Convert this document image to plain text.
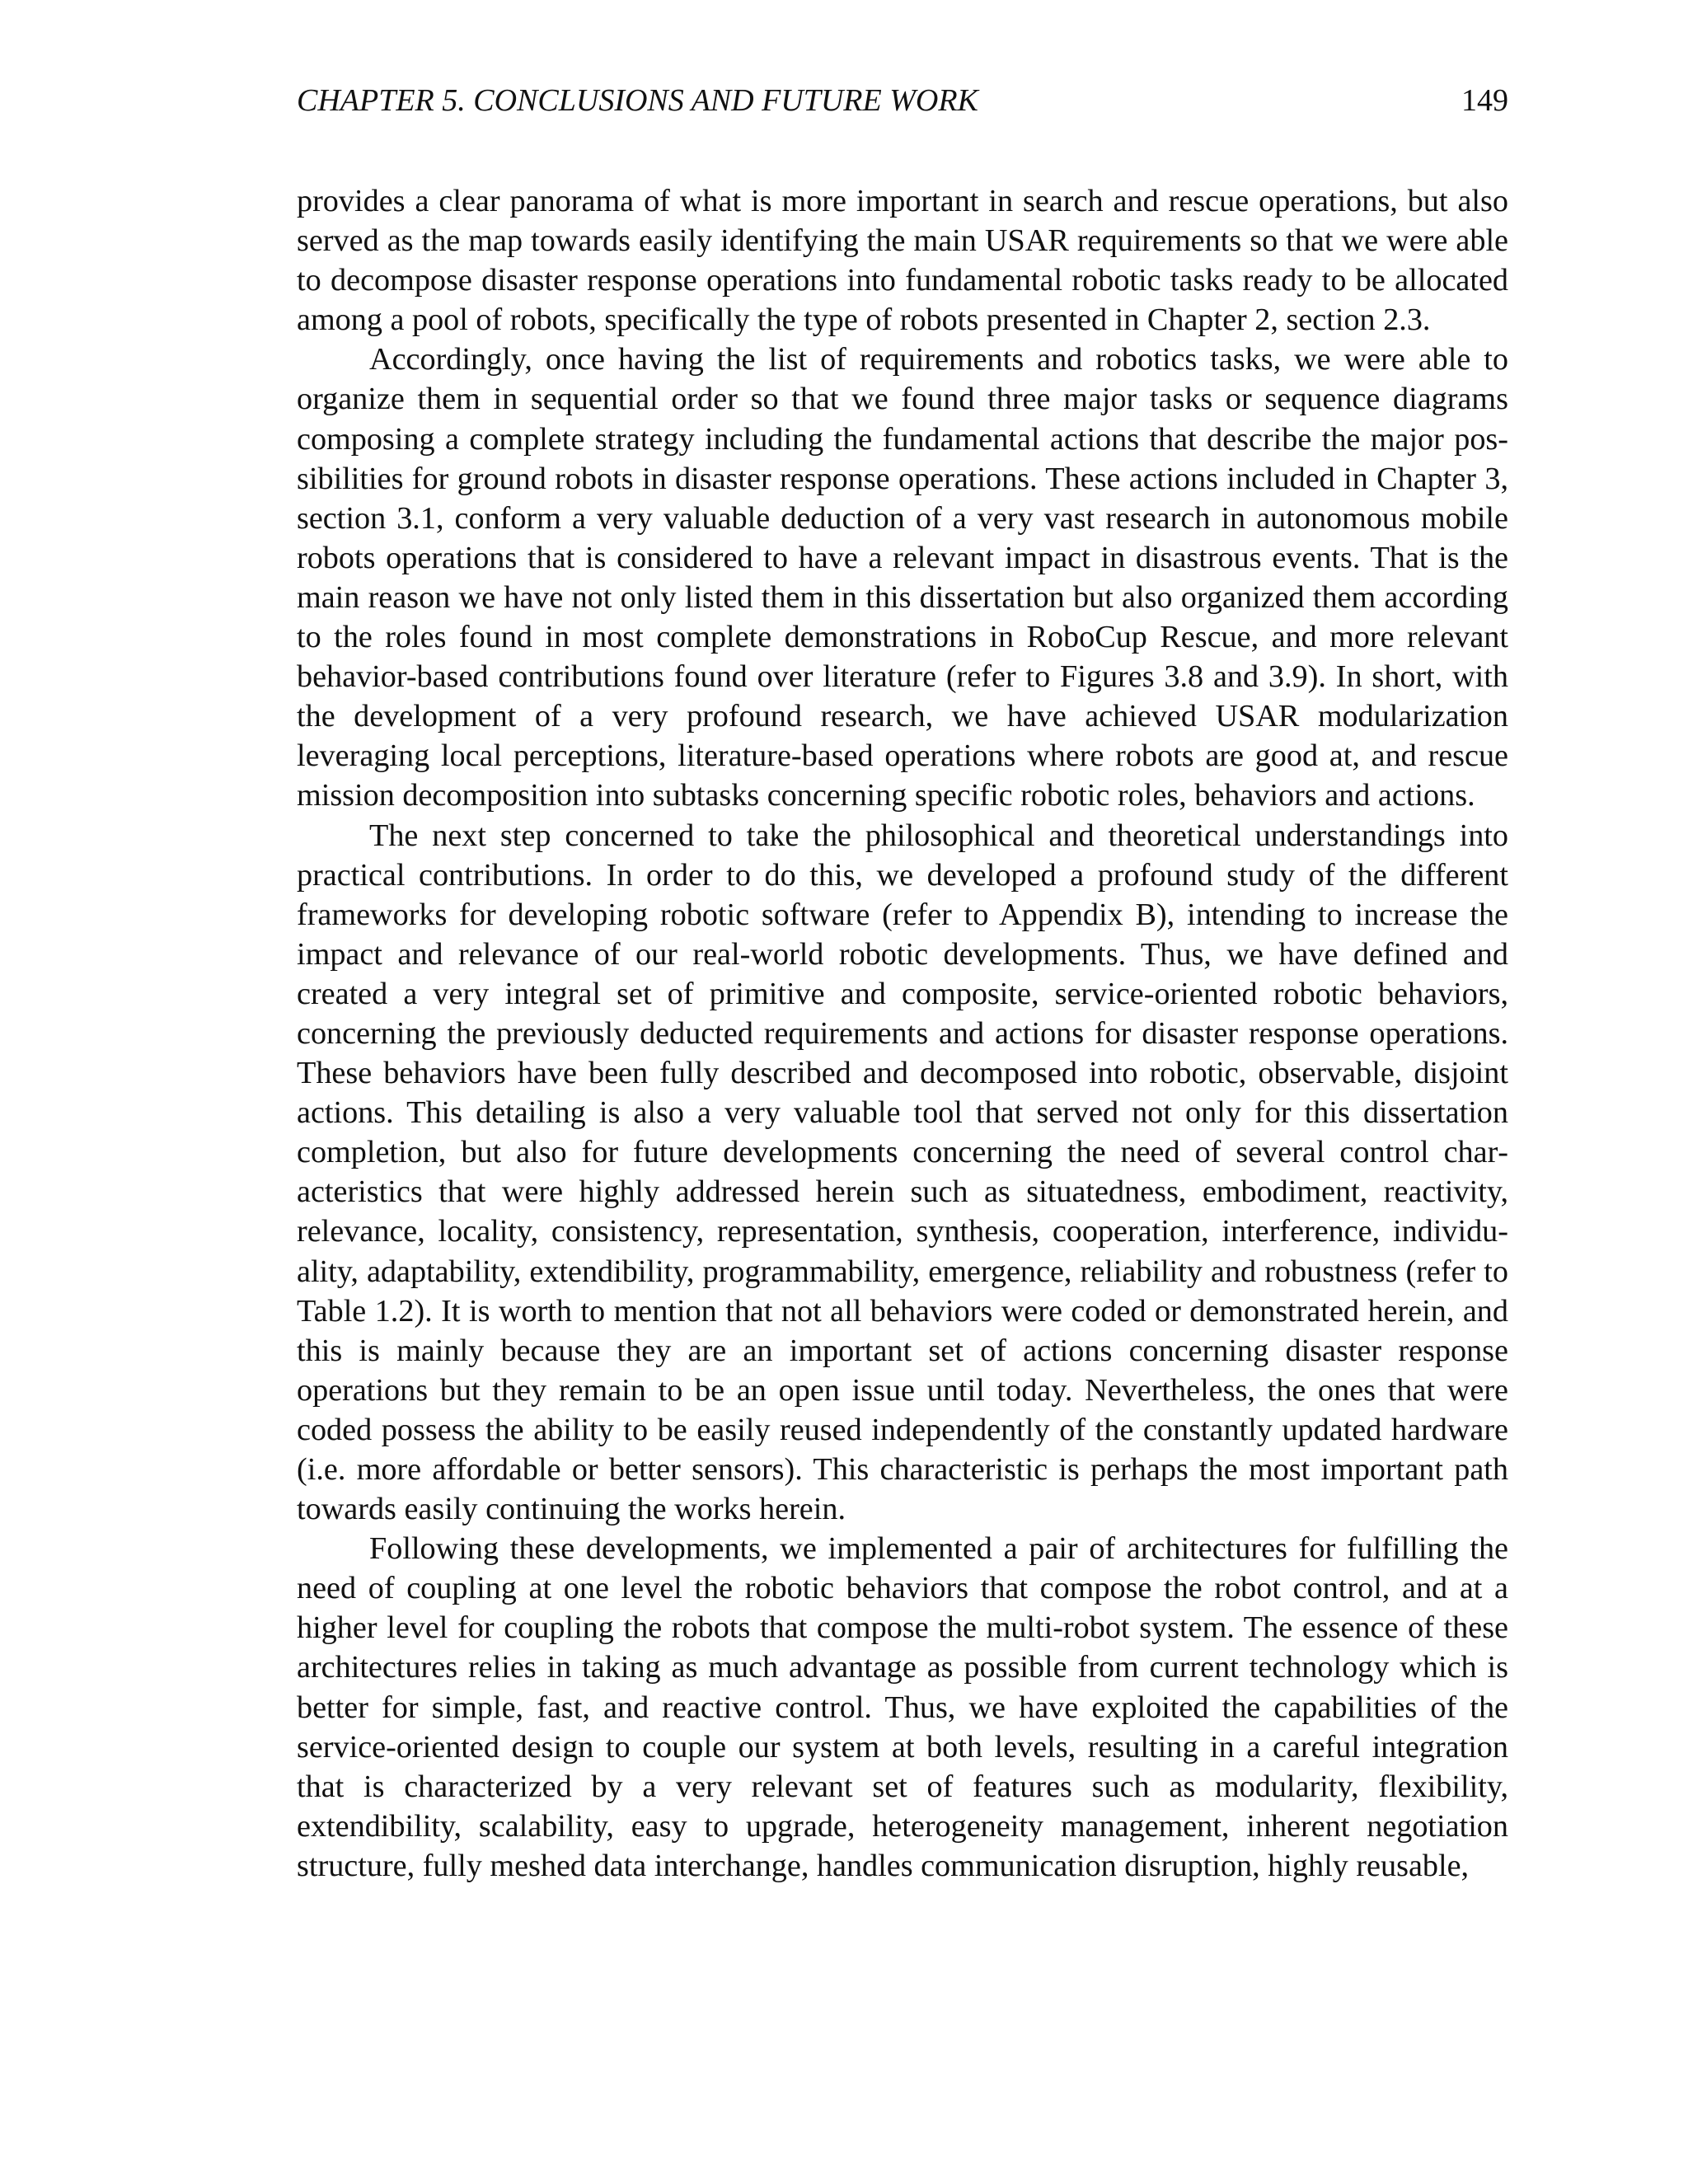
CHAPTER 5. CONCLUSIONS AND FUTURE WORK	149

provides a clear panorama of what is more important in search and rescue operations, but also served as the map towards easily identifying the main USAR requirements so that we were able to decompose disaster response operations into fundamental robotic tasks ready to be allocated among a pool of robots, specifically the type of robots presented in Chapter 2, section 2.3.

Accordingly, once having the list of requirements and robotics tasks, we were able to organize them in sequential order so that we found three major tasks or sequence diagrams composing a complete strategy including the fundamental actions that describe the major possibilities for ground robots in disaster response operations. These actions included in Chapter 3, section 3.1, conform a very valuable deduction of a very vast research in autonomous mobile robots operations that is considered to have a relevant impact in disastrous events. That is the main reason we have not only listed them in this dissertation but also organized them according to the roles found in most complete demonstrations in RoboCup Rescue, and more relevant behavior-based contributions found over literature (refer to Figures 3.8 and 3.9). In short, with the development of a very profound research, we have achieved USAR modularization leveraging local perceptions, literature-based operations where robots are good at, and rescue mission decomposition into subtasks concerning specific robotic roles, behaviors and actions.

The next step concerned to take the philosophical and theoretical understandings into practical contributions. In order to do this, we developed a profound study of the different frameworks for developing robotic software (refer to Appendix B), intending to increase the impact and relevance of our real-world robotic developments. Thus, we have defined and created a very integral set of primitive and composite, service-oriented robotic behaviors, concerning the previously deducted requirements and actions for disaster response operations. These behaviors have been fully described and decomposed into robotic, observable, disjoint actions. This detailing is also a very valuable tool that served not only for this dissertation completion, but also for future developments concerning the need of several control characteristics that were highly addressed herein such as situatedness, embodiment, reactivity, relevance, locality, consistency, representation, synthesis, cooperation, interference, individuality, adaptability, extendibility, programmability, emergence, reliability and robustness (refer to Table 1.2). It is worth to mention that not all behaviors were coded or demonstrated herein, and this is mainly because they are an important set of actions concerning disaster response operations but they remain to be an open issue until today. Nevertheless, the ones that were coded possess the ability to be easily reused independently of the constantly updated hardware (i.e. more affordable or better sensors). This characteristic is perhaps the most important path towards easily continuing the works herein.

Following these developments, we implemented a pair of architectures for fulfilling the need of coupling at one level the robotic behaviors that compose the robot control, and at a higher level for coupling the robots that compose the multi-robot system. The essence of these architectures relies in taking as much advantage as possible from current technology which is better for simple, fast, and reactive control. Thus, we have exploited the capabilities of the service-oriented design to couple our system at both levels, resulting in a careful integration that is characterized by a very relevant set of features such as modularity, flexibility, extendibility, scalability, easy to upgrade, heterogeneity management, inherent negotiation structure, fully meshed data interchange, handles communication disruption, highly reusable,
